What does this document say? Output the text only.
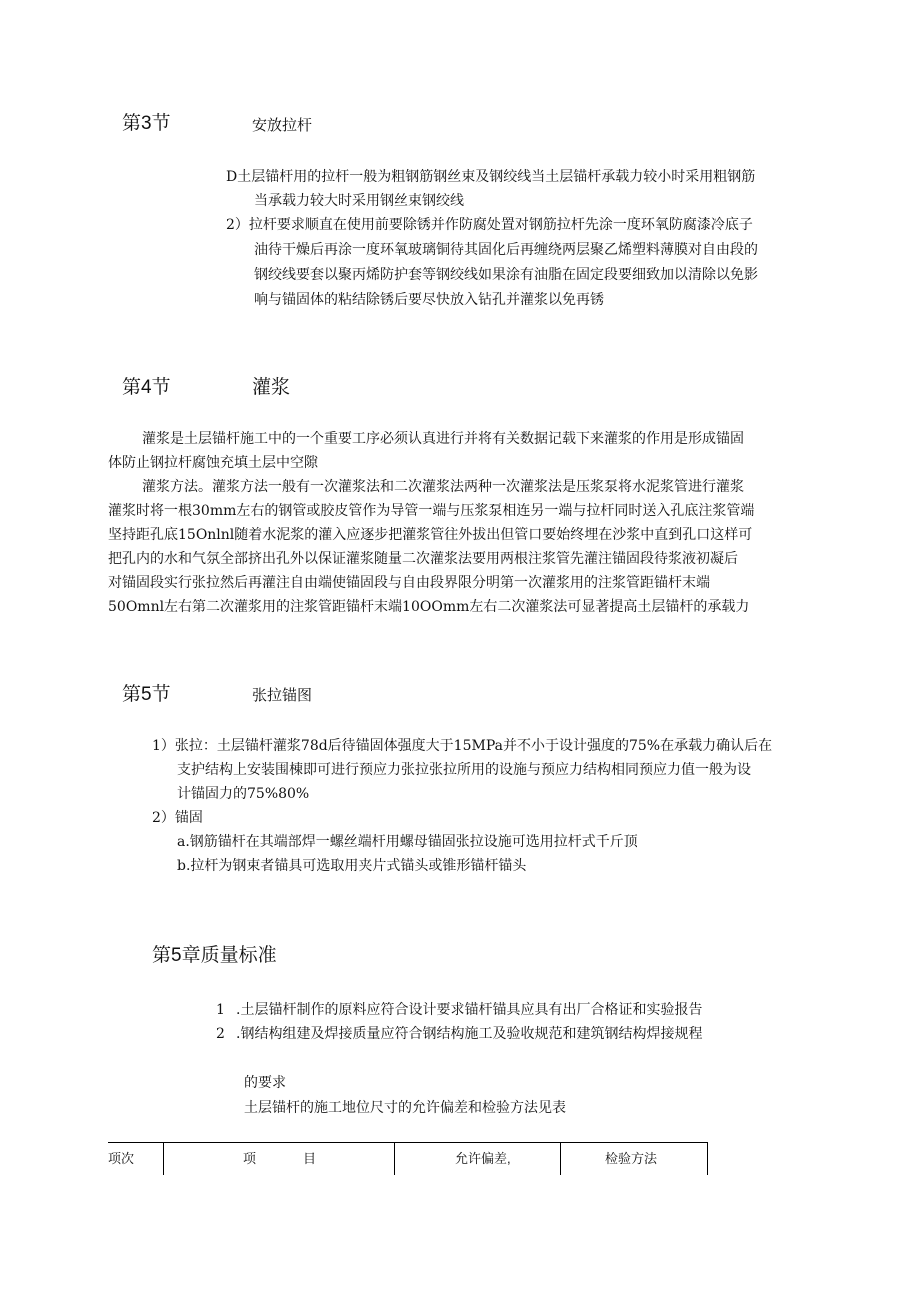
第3节	安放拉杆
D土层锚杆用的拉杆一般为粗钢筋钢丝束及钢绞线当土层锚杆承载力较小时采用粗钢筋
当承载力较大时采用钢丝束钢绞线
2）拉杆要求顺直在使用前要除锈并作防腐处置对钢筋拉杆先涂一度环氧防腐漆冷底子
油待干燥后再涂一度环氧玻璃铜待其固化后再缠绕两层聚乙烯塑料薄膜对自由段的
钢绞线要套以聚丙烯防护套等钢绞线如果涂有油脂在固定段要细致加以清除以免影
响与锚固体的粘结除锈后要尽快放入钻孔并灌浆以免再锈
第4节	灌浆
灌浆是土层锚杆施工中的一个重要工序必须认真进行并将有关数据记载下来灌浆的作用是形成锚固
体防止钢拉杆腐蚀充填土层中空隙
灌浆方法。灌浆方法一般有一次灌浆法和二次灌浆法两种一次灌浆法是压浆泵将水泥浆管进行灌浆
灌浆时将一根30mm左右的钢管或胶皮管作为导管一端与压浆泵相连另一端与拉杆同时送入孔底注浆管端
坚持距孔底15Onlnl随着水泥浆的灌入应逐步把灌浆管往外拔出但管口要始终埋在沙浆中直到孔口这样可
把孔内的水和气氛全部挤出孔外以保证灌浆随量二次灌浆法要用两根注浆管先灌注锚固段待浆液初凝后
对锚固段实行张拉然后再灌注自由端使锚固段与自由段界限分明第一次灌浆用的注浆管距锚杆末端
50Omnl左右第二次灌浆用的注浆管距锚杆末端10OOmm左右二次灌浆法可显著提高土层锚杆的承载力
第5节	张拉锚图
1）张拉：土层锚杆灌浆78d后待锚固体强度大于15MPa并不小于设计强度的75%在承载力确认后在
支护结构上安装围棟即可进行预应力张拉张拉所用的设施与预应力结构相同预应力值一般为设
计锚固力的75%80%
2）锚固
a.钢筋锚杆在其端部焊一螺丝端杆用螺母锚固张拉设施可选用拉杆式千斤顶
b.拉杆为钢束者锚具可选取用夹片式锚头或锥形锚杆锚头
第5章质量标准
1 .土层锚杆制作的原料应符合设计要求锚杆锚具应具有出厂合格证和实验报告
2 .钢结构组建及焊接质量应符合钢结构施工及验收规范和建筑钢结构焊接规程
的要求
土层锚杆的施工地位尺寸的允许偏差和检验方法见表
项次	项	目	允许偏差,	检验方法
